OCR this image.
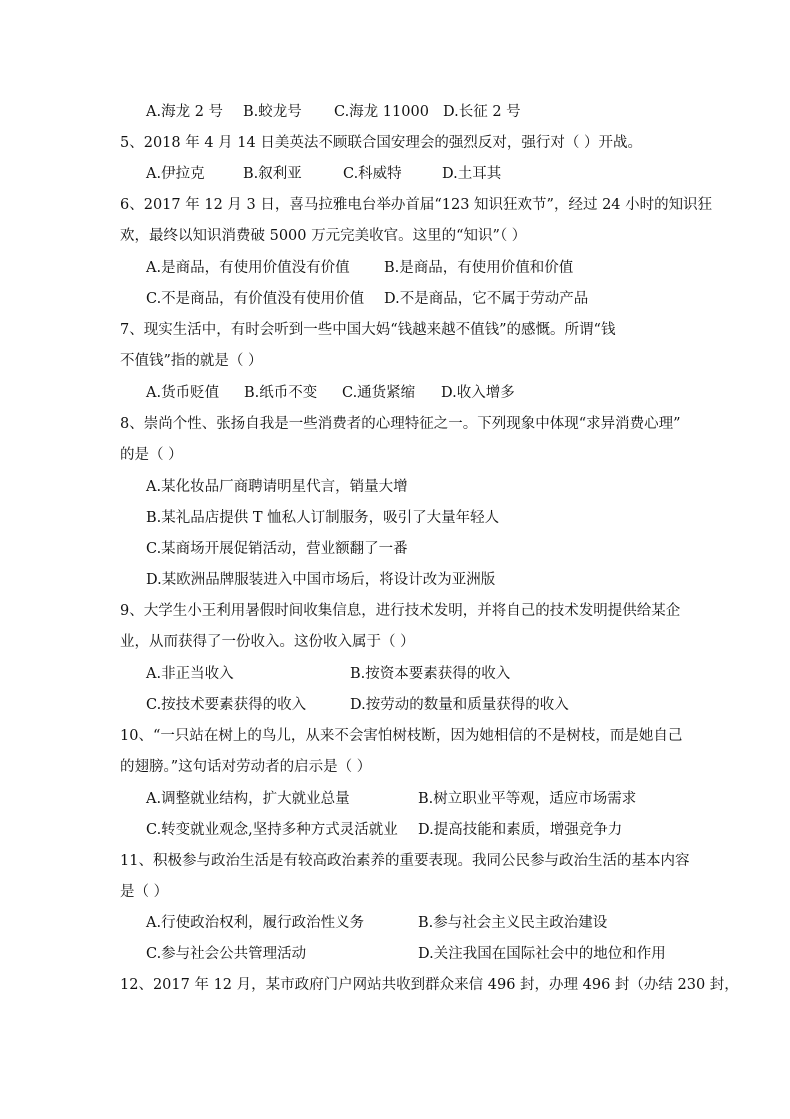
A.海龙 2 号 B.蛟龙号 C.海龙 11000 D.长征 2 号
5、2018 年 4 月 14 日美英法不顾联合国安理会的强烈反对，强行对（ ）开战。
A.伊拉克	B.叙利亚	C.科威特	D.土耳其
6、2017 年 12 月 3 日，喜马拉雅电台举办首届“123 知识狂欢节”，经过 24 小时的知识狂
欢，最终以知识消费破 5000 万元完美收官。这里的“知识”（ ）
A.是商品，有使用价值没有价值 B.是商品，有使用价值和价值
C.不是商品，有价值没有使用价值 D.不是商品，它不属于劳动产品
7、现实生活中，有时会听到一些中国大妈“钱越来越不值钱”的感慨。所谓“钱
不值钱”指的就是（ ）
A.货币贬值 B.纸币不变 C.通货紧缩 D.收入增多
8、崇尚个性、张扬自我是一些消费者的心理特征之一。下列现象中体现“求异消费心理”
的是（ ）
A.某化妆品厂商聘请明星代言，销量大增
B.某礼品店提供 T 恤私人订制服务，吸引了大量年轻人
C.某商场开展促销活动，营业额翻了一番
D.某欧洲品牌服装进入中国市场后，将设计改为亚洲版
9、大学生小王利用暑假时间收集信息，进行技术发明，并将自己的技术发明提供给某企
业，从而获得了一份收入。这份收入属于（ ）
A.非正当收入	B.按资本要素获得的收入
C.按技术要素获得的收入	D.按劳动的数量和质量获得的收入
10、“一只站在树上的鸟儿，从来不会害怕树枝断，因为她相信的不是树枝，而是她自己
的翅膀。”这句话对劳动者的启示是（ ）
A.调整就业结构，扩大就业总量	B.树立职业平等观，适应市场需求
C.转变就业观念,坚持多种方式灵活就业 D.提高技能和素质，增强竞争力
11、积极参与政治生活是有较高政治素养的重要表现。我同公民参与政治生活的基本内容
是（ ）
A.行使政治权利，履行政治性义务	B.参与社会主义民主政治建设
C.参与社会公共管理活动	D.关注我国在国际社会中的地位和作用
12、2017 年 12 月，某市政府门户网站共收到群众来信 496 封，办理 496 封（办结 230 封，
